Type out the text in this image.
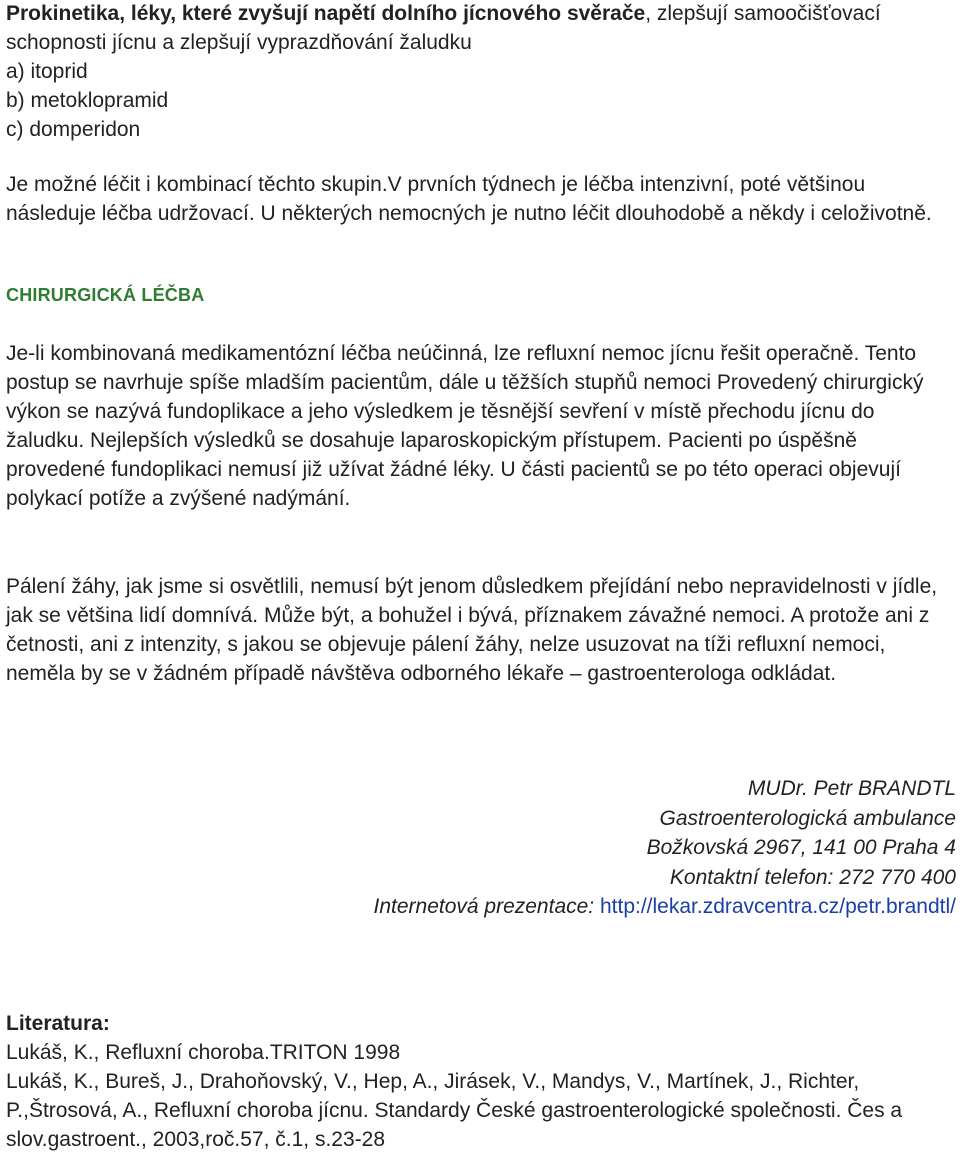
Prokinetika, léky, které zvyšují napětí dolního jícnového svěrače, zlepšují samoočišťovací schopnosti jícnu a zlepšují vyprazdňování žaludku
a) itoprid
b) metoklopramid
c) domperidon

Je možné léčit i kombinací těchto skupin.V prvních týdnech je léčba intenzivní, poté většinou následuje léčba udržovací. U některých nemocných je nutno léčit dlouhodobě a někdy i celoživotně.

CHIRURGICKÁ LÉČBA

Je-li kombinovaná medikamentózní léčba neúčinná, lze refluxní nemoc jícnu řešit operačně. Tento postup se navrhuje spíše mladším pacientům, dále u těžších stupňů nemoci Provedený chirurgický výkon se nazývá fundoplikace a jeho výsledkem je těsnější sevření v místě přechodu jícnu do žaludku. Nejlepších výsledků se dosahuje laparoskopickým přístupem. Pacienti po úspěšně provedené fundoplikaci nemusí již užívat žádné léky. U části pacientů se po této operaci objevují polykací potíže a zvýšené nadýmání.

Pálení žáhy, jak jsme si osvětlili, nemusí být jenom důsledkem přejídání nebo nepravidelnosti v jídle, jak se většina lidí domnívá. Může být, a bohužel i bývá, příznakem závažné nemoci. A protože ani z četnosti, ani z intenzity, s jakou se objevuje pálení žáhy, nelze usuzovat na tíži refluxní nemoci, neměla by se v žádném případě návštěva odborného lékaře – gastroenterologa odkládat.

MUDr. Petr BRANDTL
Gastroenterologická ambulance
Božkovská 2967, 141 00 Praha 4
Kontaktní telefon: 272 770 400
Internetová prezentace: http://lekar.zdravcentra.cz/petr.brandtl/
Literatura:
Lukáš, K., Refluxní choroba.TRITON 1998
Lukáš, K., Bureš, J., Drahoňovský, V., Hep, A., Jirásek, V., Mandys, V., Martínek, J., Richter, P.,Štrosová, A., Refluxní choroba jícnu. Standardy České gastroenterologické společnosti. Čes a slov.gastroent., 2003,roč.57, č.1, s.23-28
